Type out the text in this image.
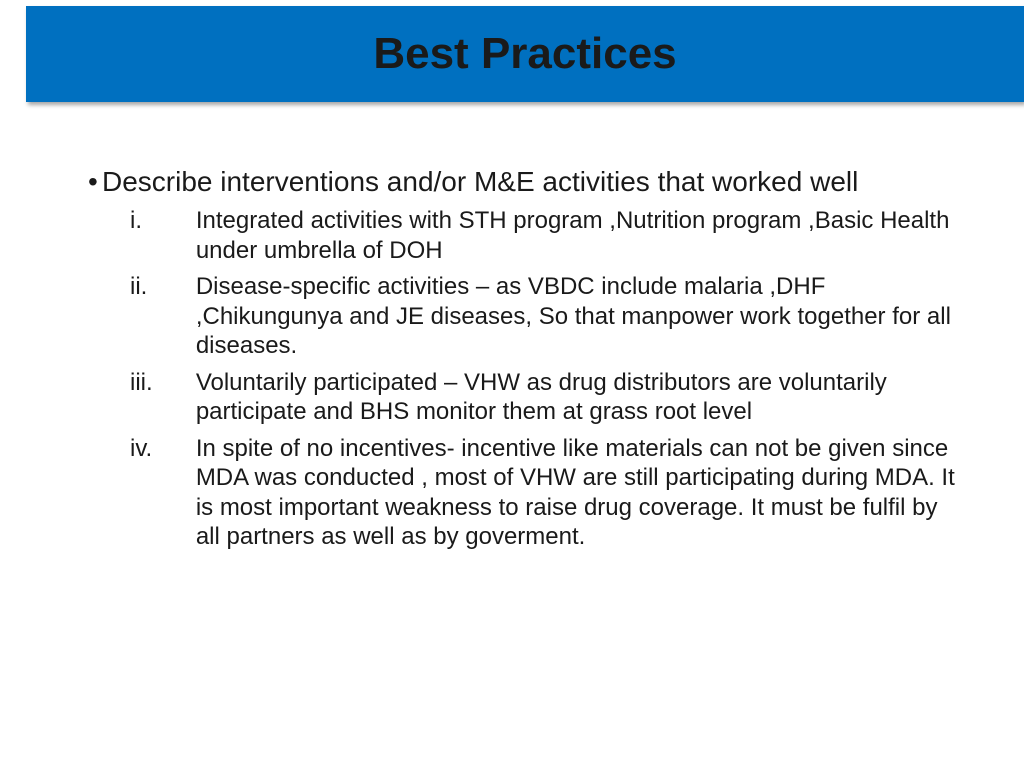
Best Practices
• Describe interventions and/or M&E activities that worked well
i.	Integrated activities with STH program ,Nutrition program ,Basic Health under umbrella of DOH
ii.	Disease-specific activities – as VBDC include malaria ,DHF ,Chikungunya and JE diseases, So that manpower work together for all diseases.
iii.	Voluntarily participated – VHW as drug distributors are voluntarily participate and BHS monitor them at grass root level
iv.	In spite of no incentives- incentive like materials can not be given since MDA was conducted , most of VHW are still participating during MDA. It is most important weakness to raise drug coverage. It must be fulfil by all partners as well as by goverment.
